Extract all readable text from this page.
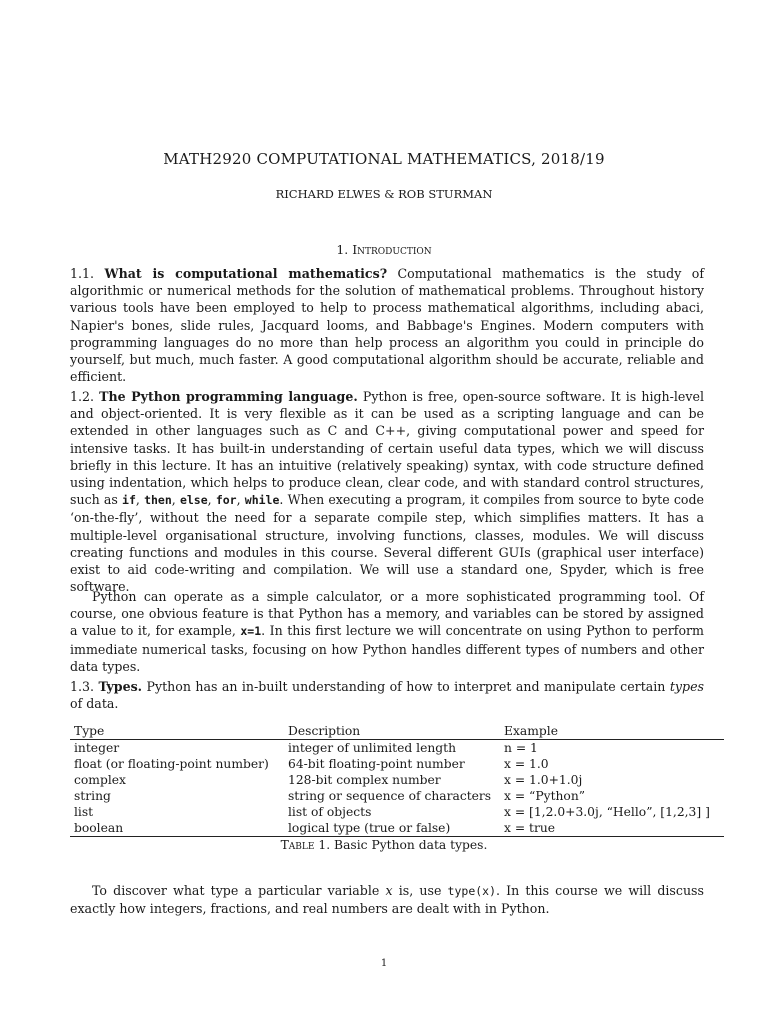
MATH2920 COMPUTATIONAL MATHEMATICS, 2018/19
RICHARD ELWES & ROB STURMAN
1. Introduction

1.1. What is computational mathematics? Computational mathematics is the study of algorithmic or numerical methods for the solution of mathematical problems. Throughout history various tools have been employed to help to process mathematical algorithms, including abaci, Napier's bones, slide rules, Jacquard looms, and Babbage's Engines. Modern computers with programming languages do no more than help process an algorithm you could in principle do yourself, but much, much faster. A good computational algorithm should be accurate, reliable and efficient.

1.2. The Python programming language. Python is free, open-source software. It is high-level and object-oriented. It is very flexible as it can be used as a scripting language and can be extended in other languages such as C and C++, giving computational power and speed for intensive tasks. It has built-in understanding of certain useful data types, which we will discuss briefly in this lecture. It has an intuitive (relatively speaking) syntax, with code structure defined using indentation, which helps to produce clean, clear code, and with standard control structures, such as if, then, else, for, while. When executing a program, it compiles from source to byte code ‘on-the-fly’, without the need for a separate compile step, which simplifies matters. It has a multiple-level organisational structure, involving functions, classes, modules. We will discuss creating functions and modules in this course. Several different GUIs (graphical user interface) exist to aid code-writing and compilation. We will use a standard one, Spyder, which is free software.

Python can operate as a simple calculator, or a more sophisticated programming tool. Of course, one obvious feature is that Python has a memory, and variables can be stored by assigned a value to it, for example, x=1. In this first lecture we will concentrate on using Python to perform immediate numerical tasks, focusing on how Python handles different types of numbers and other data types.

1.3. Types. Python has an in-built understanding of how to interpret and manipulate certain types of data.

Type	Description	Example
integer	integer of unlimited length	n = 1
float (or floating-point number)	64-bit floating-point number	x = 1.0
complex	128-bit complex number	x = 1.0+1.0j
string	string or sequence of characters	x = “Python”
list	list of objects	x = [1,2.0+3.0j, “Hello”, [1,2,3] ]
boolean	logical type (true or false)	x = true
Table 1. Basic Python data types.

To discover what type a particular variable x is, use type(x). In this course we will discuss exactly how integers, fractions, and real numbers are dealt with in Python.

1
